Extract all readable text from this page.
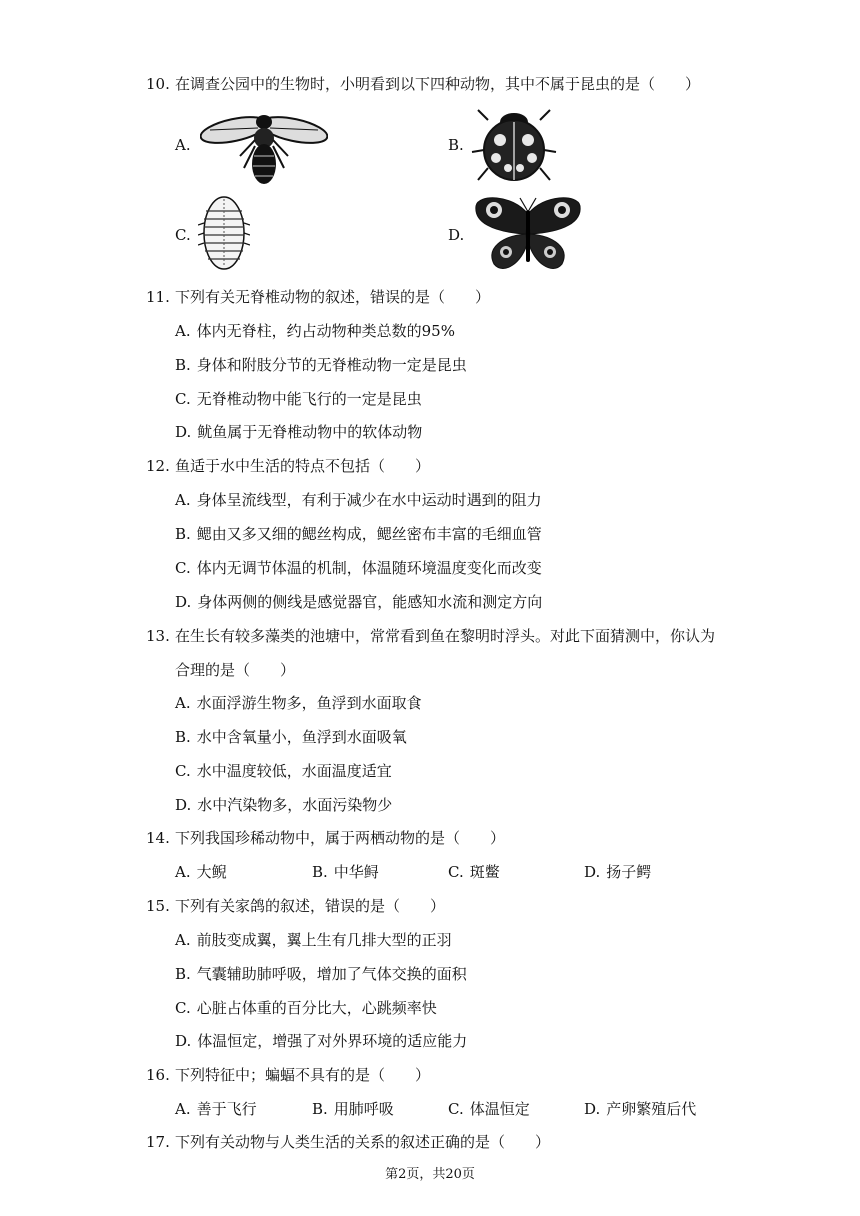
10. 在调查公园中的生物时，小明看到以下四种动物，其中不属于昆虫的是（　　）
A.	B.
C.	D.
11. 下列有关无脊椎动物的叙述，错误的是（　　）
A. 体内无脊柱，约占动物种类总数的95%
B. 身体和附肢分节的无脊椎动物一定是昆虫
C. 无脊椎动物中能飞行的一定是昆虫
D. 鱿鱼属于无脊椎动物中的软体动物
12. 鱼适于水中生活的特点不包括（　　）
A. 身体呈流线型，有利于减少在水中运动时遇到的阻力
B. 鳃由又多又细的鳃丝构成，鳃丝密布丰富的毛细血管
C. 体内无调节体温的机制，体温随环境温度变化而改变
D. 身体两侧的侧线是感觉器官，能感知水流和测定方向
13. 在生长有较多藻类的池塘中，常常看到鱼在黎明时浮头。对此下面猜测中，你认为
合理的是（　　）
A. 水面浮游生物多，鱼浮到水面取食
B. 水中含氧量小，鱼浮到水面吸氧
C. 水中温度较低，水面温度适宜
D. 水中汽染物多，水面污染物少
14. 下列我国珍稀动物中，属于两栖动物的是（　　）
A. 大鲵	B. 中华鲟	C. 斑鳖	D. 扬子鳄
15. 下列有关家鸽的叙述，错误的是（　　）
A. 前肢变成翼，翼上生有几排大型的正羽
B. 气囊辅助肺呼吸，增加了气体交换的面积
C. 心脏占体重的百分比大，心跳频率快
D. 体温恒定，增强了对外界环境的适应能力
16. 下列特征中；蝙蝠不具有的是（　　）
A. 善于飞行	B. 用肺呼吸	C. 体温恒定	D. 产卵繁殖后代
17. 下列有关动物与人类生活的关系的叙述正确的是（　　）
第2页，共20页
